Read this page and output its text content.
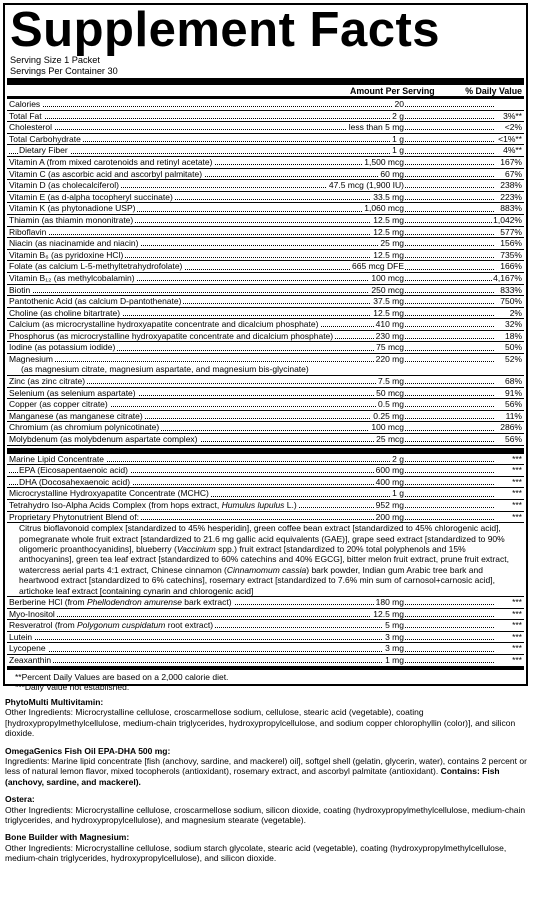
Supplement Facts
Serving Size 1 Packet
Servings Per Container 30
Amount Per Serving	% Daily Value
Calories	20
Total Fat	2 g	3%**
Cholesterol	less than 5 mg	<2%
Total Carbohydrate	1 g	<1%**
Dietary Fiber	1 g	4%**
Vitamin A (from mixed carotenoids and retinyl acetate)	1,500 mcg	167%
Vitamin C (as ascorbic acid and ascorbyl palmitate)	60 mg	67%
Vitamin D (as cholecalciferol)	47.5 mcg (1,900 IU)	238%
Vitamin E (as d-alpha tocopheryl succinate)	33.5 mg	223%
Vitamin K (as phytonadione USP)	1,060 mcg	883%
Thiamin (as thiamin mononitrate)	12.5 mg	1,042%
Riboflavin	12.5 mg	577%
Niacin (as niacinamide and niacin)	25 mg	156%
Vitamin B₆ (as pyridoxine HCl)	12.5 mg	735%
Folate (as calcium L-5-methyltetrahydrofolate)	665 mcg DFE	166%
Vitamin B₁₂ (as methylcobalamin)	100 mcg	4,167%
Biotin	250 mcg	833%
Pantothenic Acid (as calcium D-pantothenate)	37.5 mg	750%
Choline (as choline bitartrate)	12.5 mg	2%
Calcium (as microcrystalline hydroxyapatite concentrate and dicalcium phosphate)	410 mg	32%
Phosphorus (as microcrystalline hydroxyapatite concentrate and dicalcium phosphate)	230 mg	18%
Iodine (as potassium iodide)	75 mcg	50%
Magnesium	220 mg	52%
(as magnesium citrate, magnesium aspartate, and magnesium bis-glycinate)
Zinc (as zinc citrate)	7.5 mg	68%
Selenium (as selenium aspartate)	50 mcg	91%
Copper (as copper citrate)	0.5 mg	56%
Manganese (as manganese citrate)	0.25 mg	11%
Chromium (as chromium polynicotinate)	100 mcg	286%
Molybdenum (as molybdenum aspartate complex)	25 mcg	56%
Marine Lipid Concentrate	2 g	***
EPA (Eicosapentaenoic acid)	600 mg	***
DHA (Docosahexaenoic acid)	400 mg	***
Microcrystalline Hydroxyapatite Concentrate (MCHC)	1 g	***
Tetrahydro Iso-Alpha Acids Complex (from hops extract, Humulus lupulus L.)	952 mg	***
Proprietary Phytonutrient Blend of:	200 mg	***
Citrus bioflavonoid complex [standardized to 45% hesperidin], green coffee bean extract [standardized to 45% chlorogenic acid], pomegranate whole fruit extract [standardized to 21.6 mg gallic acid equivalents (GAE)], grape seed extract [standardized to 90% oligomeric proanthocyanidins], blueberry (Vaccinium spp.) fruit extract [standardized to 20% total polyphenols and 15% anthocyanins], green tea leaf extract [standardized to 60% catechins and 40% EGCG], bitter melon fruit extract, prune fruit extract, watercress aerial parts 4:1 extract, Chinese cinnamon (Cinnamomum cassia) bark powder, Indian gum Arabic tree bark and heartwood extract [standardized to 6% catechins], rosemary extract [standardized to 7.6% min sum of carnosol+carnosic acid], artichoke leaf extract [containing cynarin and chlorogenic acid]
Berberine HCl (from Phellodendron amurense bark extract)	180 mg	***
Myo-Inositol	12.5 mg	***
Resveratrol (from Polygonum cuspidatum root extract)	5 mg	***
Lutein	3 mg	***
Lycopene	3 mg	***
Zeaxanthin	1 mg	***
**Percent Daily Values are based on a 2,000 calorie diet.
***Daily Value not established.
PhytoMulti Multivitamin:

Other Ingredients: Microcrystalline cellulose, croscarmellose sodium, cellulose, stearic acid (vegetable), coating [hydroxypropylmethylcellulose, medium-chain triglycerides, hydroxypropylcellulose, and sodium copper chlorophyllin (color)], and silicon dioxide.

OmegaGenics Fish Oil EPA-DHA 500 mg:

Ingredients: Marine lipid concentrate [fish (anchovy, sardine, and mackerel) oil], softgel shell (gelatin, glycerin, water), contains 2 percent or less of natural lemon flavor, mixed tocopherols (antioxidant), rosemary extract, and ascorbyl palmitate (antioxidant). Contains: Fish (anchovy, sardine, and mackerel).

Ostera:

Other Ingredients: Microcrystalline cellulose, croscarmellose sodium, silicon dioxide, coating (hydroxypropylmethylcellulose, medium-chain triglycerides, and hydroxypropylcellulose), and magnesium stearate (vegetable).

Bone Builder with Magnesium:

Other Ingredients: Microcrystalline cellulose, sodium starch glycolate, stearic acid (vegetable), coating (hydroxypropylmethylcellulose, medium-chain triglycerides, hydroxypropylcellulose), and silicon dioxide.
